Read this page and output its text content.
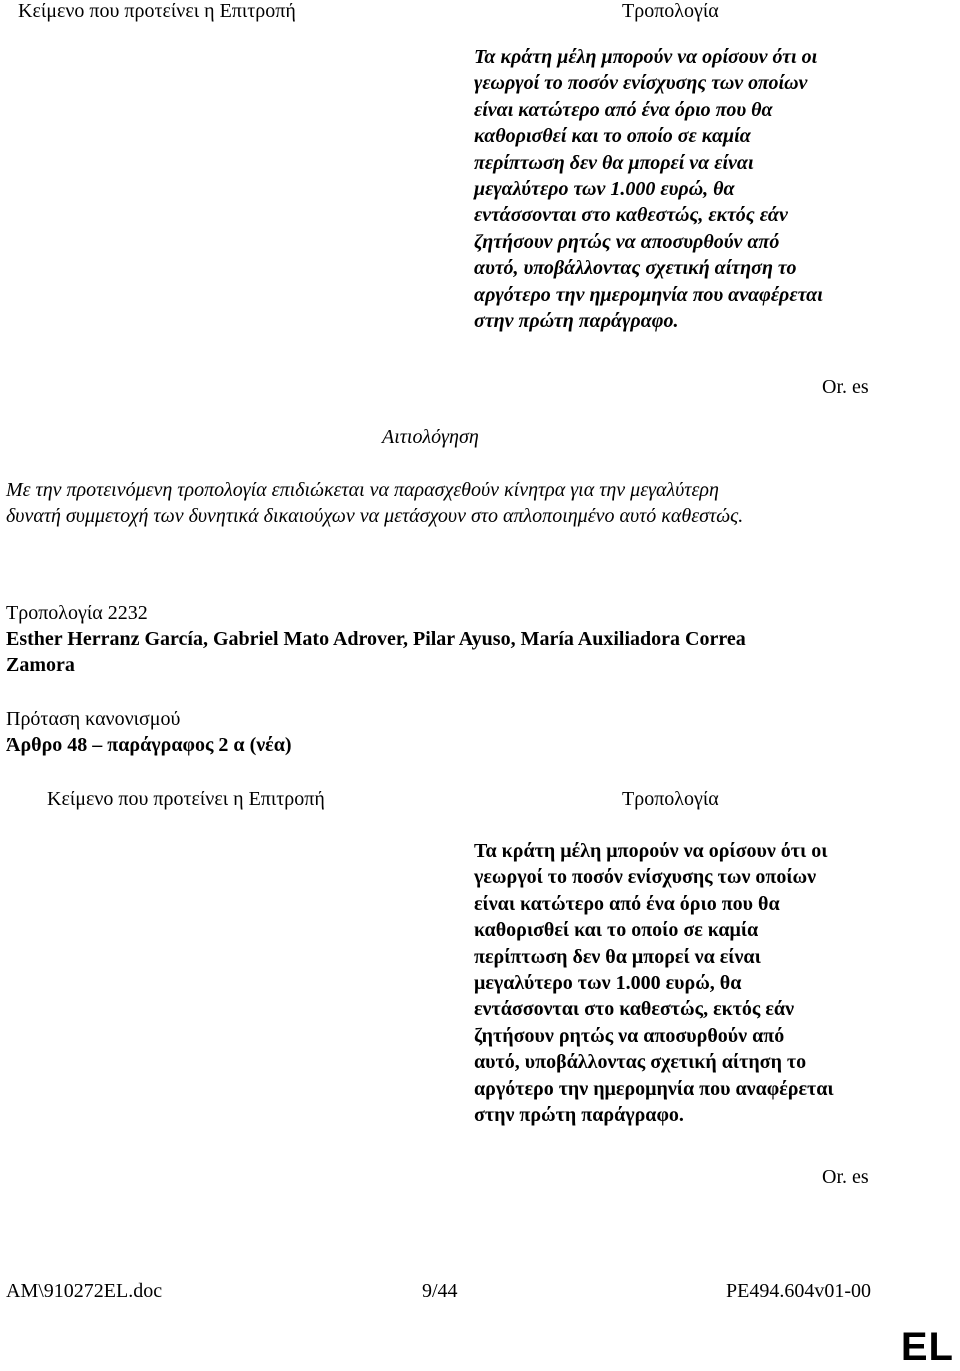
Κείμενο που προτείνει η Επιτροπή	Τροπολογία
Τα κράτη μέλη μπορούν να ορίσουν ότι οι
γεωργοί το ποσόν ενίσχυσης των οποίων
είναι κατώτερο από ένα όριο που θα
καθορισθεί και το οποίο σε καμία
περίπτωση δεν θα μπορεί να είναι
μεγαλύτερο των 1.000 ευρώ, θα
εντάσσονται στο καθεστώς, εκτός εάν
ζητήσουν ρητώς να αποσυρθούν από
αυτό, υποβάλλοντας σχετική αίτηση το
αργότερο την ημερομηνία που αναφέρεται
στην πρώτη παράγραφο.
Or. es
Αιτιολόγηση
Με την προτεινόμενη τροπολογία επιδιώκεται να παρασχεθούν κίνητρα για την μεγαλύτερη
δυνατή συμμετοχή των δυνητικά δικαιούχων να μετάσχουν στο απλοποιημένο αυτό καθεστώς.
Τροπολογία 2232
Esther Herranz García, Gabriel Mato Adrover, Pilar Ayuso, María Auxiliadora Correa
Zamora
Πρόταση κανονισμού
Άρθρο 48 – παράγραφος 2 α (νέα)
Κείμενο που προτείνει η Επιτροπή	Τροπολογία
Τα κράτη μέλη μπορούν να ορίσουν ότι οι
γεωργοί το ποσόν ενίσχυσης των οποίων
είναι κατώτερο από ένα όριο που θα
καθορισθεί και το οποίο σε καμία
περίπτωση δεν θα μπορεί να είναι
μεγαλύτερο των 1.000 ευρώ, θα
εντάσσονται στο καθεστώς, εκτός εάν
ζητήσουν ρητώς να αποσυρθούν από
αυτό, υποβάλλοντας σχετική αίτηση το
αργότερο την ημερομηνία που αναφέρεται
στην πρώτη παράγραφο.
Or. es
AM\910272EL.doc	9/44	PE494.604v01-00
EL
